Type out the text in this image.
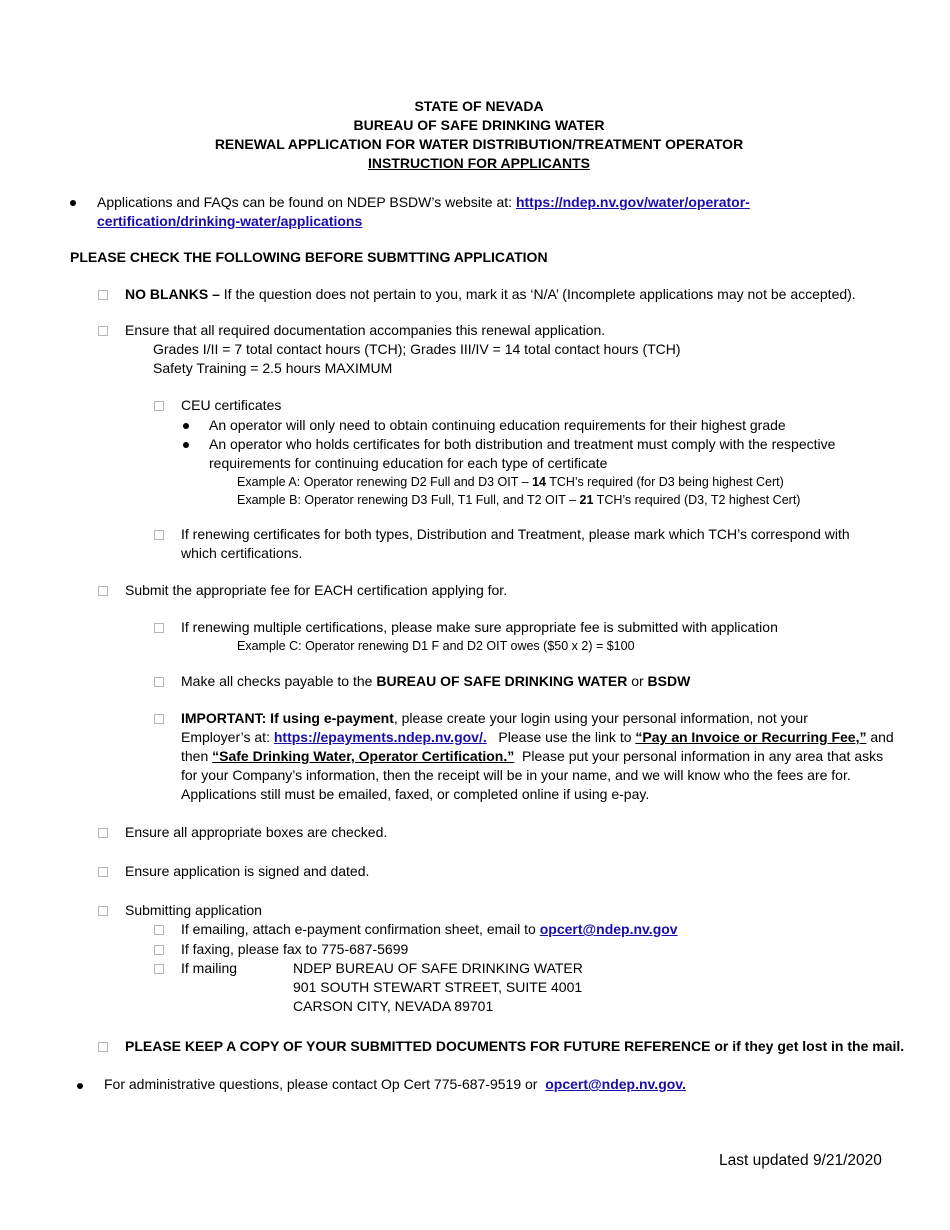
STATE OF NEVADA
BUREAU OF SAFE DRINKING WATER
RENEWAL APPLICATION FOR WATER DISTRIBUTION/TREATMENT OPERATOR
INSTRUCTION FOR APPLICANTS
Applications and FAQs can be found on NDEP BSDW’s website at: https://ndep.nv.gov/water/operator-
certification/drinking-water/applications
PLEASE CHECK THE FOLLOWING BEFORE SUBMTTING APPLICATION
NO BLANKS – If the question does not pertain to you, mark it as ‘N/A’ (Incomplete applications may not be accepted).
Ensure that all required documentation accompanies this renewal application.
Grades I/II = 7 total contact hours (TCH); Grades III/IV = 14 total contact hours (TCH)
Safety Training = 2.5 hours MAXIMUM
CEU certificates
An operator will only need to obtain continuing education requirements for their highest grade
An operator who holds certificates for both distribution and treatment must comply with the respective
requirements for continuing education for each type of certificate
Example A: Operator renewing D2 Full and D3 OIT – 14 TCH’s required (for D3 being highest Cert)
Example B: Operator renewing D3 Full, T1 Full, and T2 OIT – 21 TCH’s required (D3, T2 highest Cert)
If renewing certificates for both types, Distribution and Treatment, please mark which TCH’s correspond with
which certifications.
Submit the appropriate fee for EACH certification applying for.
If renewing multiple certifications, please make sure appropriate fee is submitted with application
Example C: Operator renewing D1 F and D2 OIT owes ($50 x 2) = $100
Make all checks payable to the BUREAU OF SAFE DRINKING WATER or BSDW
IMPORTANT: If using e-payment, please create your login using your personal information, not your
Employer’s at: https://epayments.ndep.nv.gov/.   Please use the link to “Pay an Invoice or Recurring Fee,” and
then “Safe Drinking Water, Operator Certification.”  Please put your personal information in any area that asks
for your Company’s information, then the receipt will be in your name, and we will know who the fees are for.
Applications still must be emailed, faxed, or completed online if using e-pay.
Ensure all appropriate boxes are checked.
Ensure application is signed and dated.
Submitting application
If emailing, attach e-payment confirmation sheet, email to opcert@ndep.nv.gov
If faxing, please fax to 775-687-5699
If mailing	NDEP BUREAU OF SAFE DRINKING WATER
901 SOUTH STEWART STREET, SUITE 4001
CARSON CITY, NEVADA 89701
PLEASE KEEP A COPY OF YOUR SUBMITTED DOCUMENTS FOR FUTURE REFERENCE or if they get lost in the mail.
For administrative questions, please contact Op Cert 775-687-9519 or  opcert@ndep.nv.gov.
Last updated 9/21/2020
